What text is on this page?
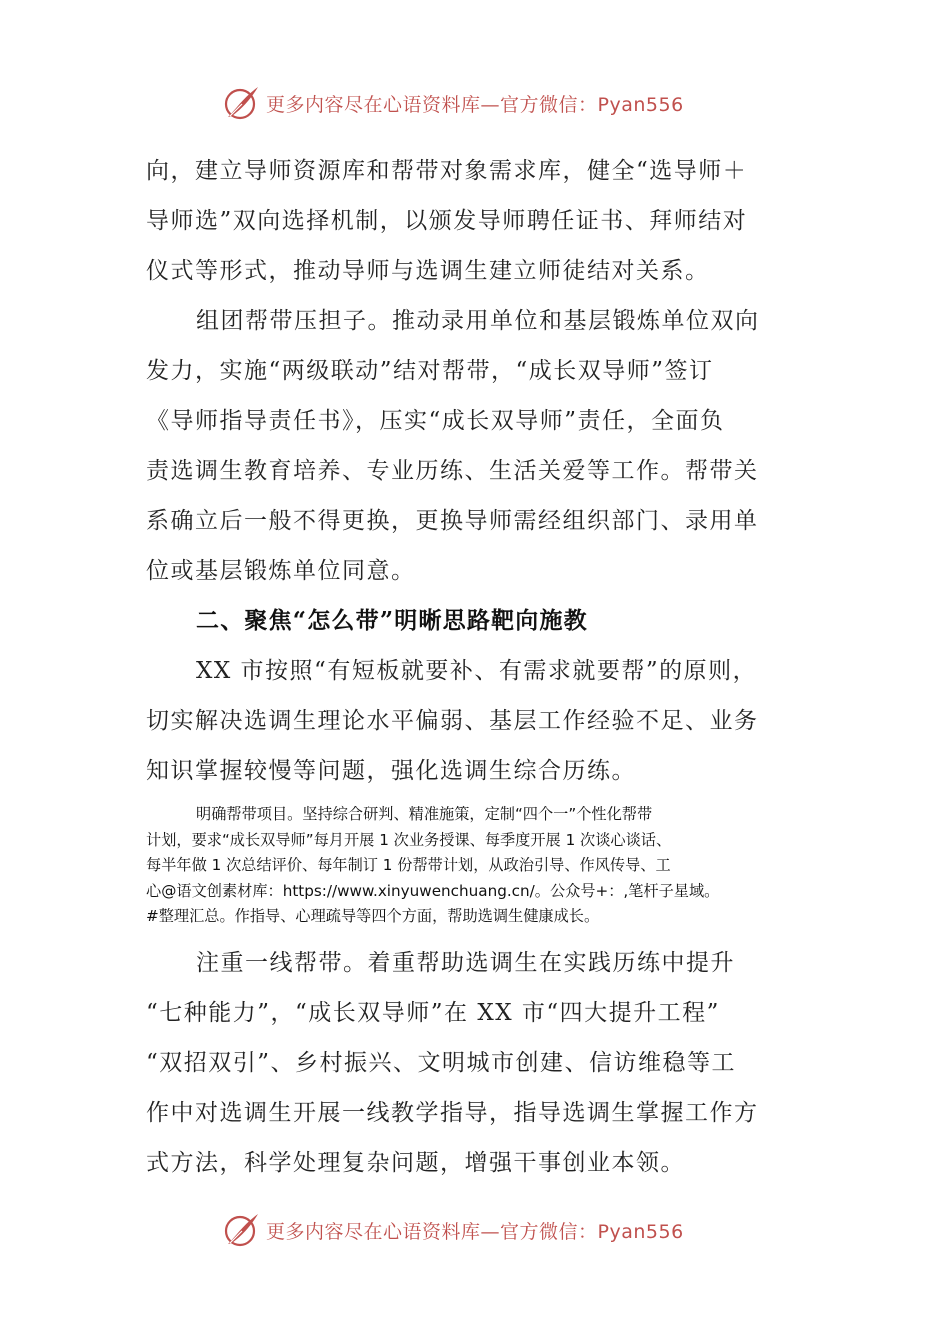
更多内容尽在心语资料库—官方微信：Pyan556

向，建立导师资源库和帮带对象需求库，健全“选导师＋
导师选”双向选择机制，以颁发导师聘任证书、拜师结对
仪式等形式，推动导师与选调生建立师徒结对关系。

组团帮带压担子。推动录用单位和基层锻炼单位双向
发力，实施“两级联动”结对帮带，“成长双导师”签订
《导师指导责任书》，压实“成长双导师”责任，全面负
责选调生教育培养、专业历练、生活关爱等工作。帮带关
系确立后一般不得更换，更换导师需经组织部门、录用单
位或基层锻炼单位同意。

二、聚焦“怎么带”明晰思路靶向施教

XX 市按照“有短板就要补、有需求就要帮”的原则，
切实解决选调生理论水平偏弱、基层工作经验不足、业务
知识掌握较慢等问题，强化选调生综合历练。

明确帮带项目。坚持综合研判、精准施策，定制“四个一”个性化帮带
计划，要求“成长双导师”每月开展 1 次业务授课、每季度开展 1 次谈心谈话、
每半年做 1 次总结评价、每年制订 1 份帮带计划，从政治引导、作风传导、工
心@语文创素材库：https://www.xinyuwenchuang.cn/。公众号+：,笔杆子星域。
#整理汇总。作指导、心理疏导等四个方面，帮助选调生健康成长。

注重一线帮带。着重帮助选调生在实践历练中提升
“七种能力”，“成长双导师”在 XX 市“四大提升工程”
“双招双引”、乡村振兴、文明城市创建、信访维稳等工
作中对选调生开展一线教学指导，指导选调生掌握工作方
式方法，科学处理复杂问题，增强干事创业本领。

更多内容尽在心语资料库—官方微信：Pyan556
